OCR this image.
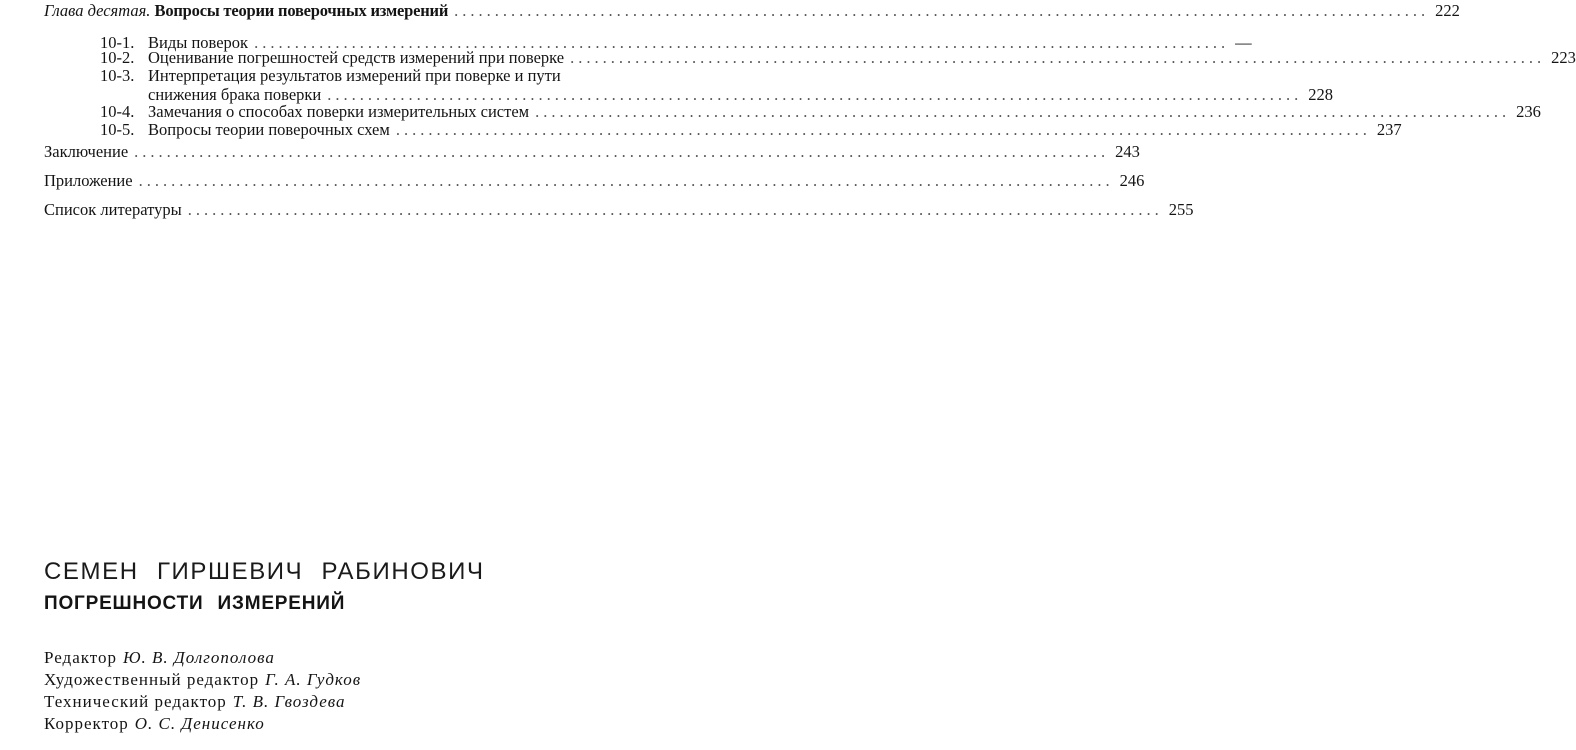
Глава десятая. Вопросы теории поверочных измерений ........................................................................................................................ 222
10-1. Виды поверок ........................................................................................................................ —
10-2. Оценивание погрешностей средств измерений при поверке ........................................................................................................................ 223
10-3. Интерпретация результатов измерений при поверке и пути
снижения брака поверки ........................................................................................................................ 228
10-4. Замечания о способах поверки измерительных систем ........................................................................................................................ 236
10-5. Вопросы теории поверочных схем ........................................................................................................................ 237
Заключение ........................................................................................................................ 243
Приложение ........................................................................................................................ 246
Список литературы ........................................................................................................................ 255
СЕМЕН ГИРШЕВИЧ РАБИНОВИЧ
ПОГРЕШНОСТИ ИЗМЕРЕНИЙ
Редактор Ю. В. Долгополова
Художественный редактор Г. А. Гудков
Технический редактор Т. В. Гвоздева
Корректор О. С. Денисенко
